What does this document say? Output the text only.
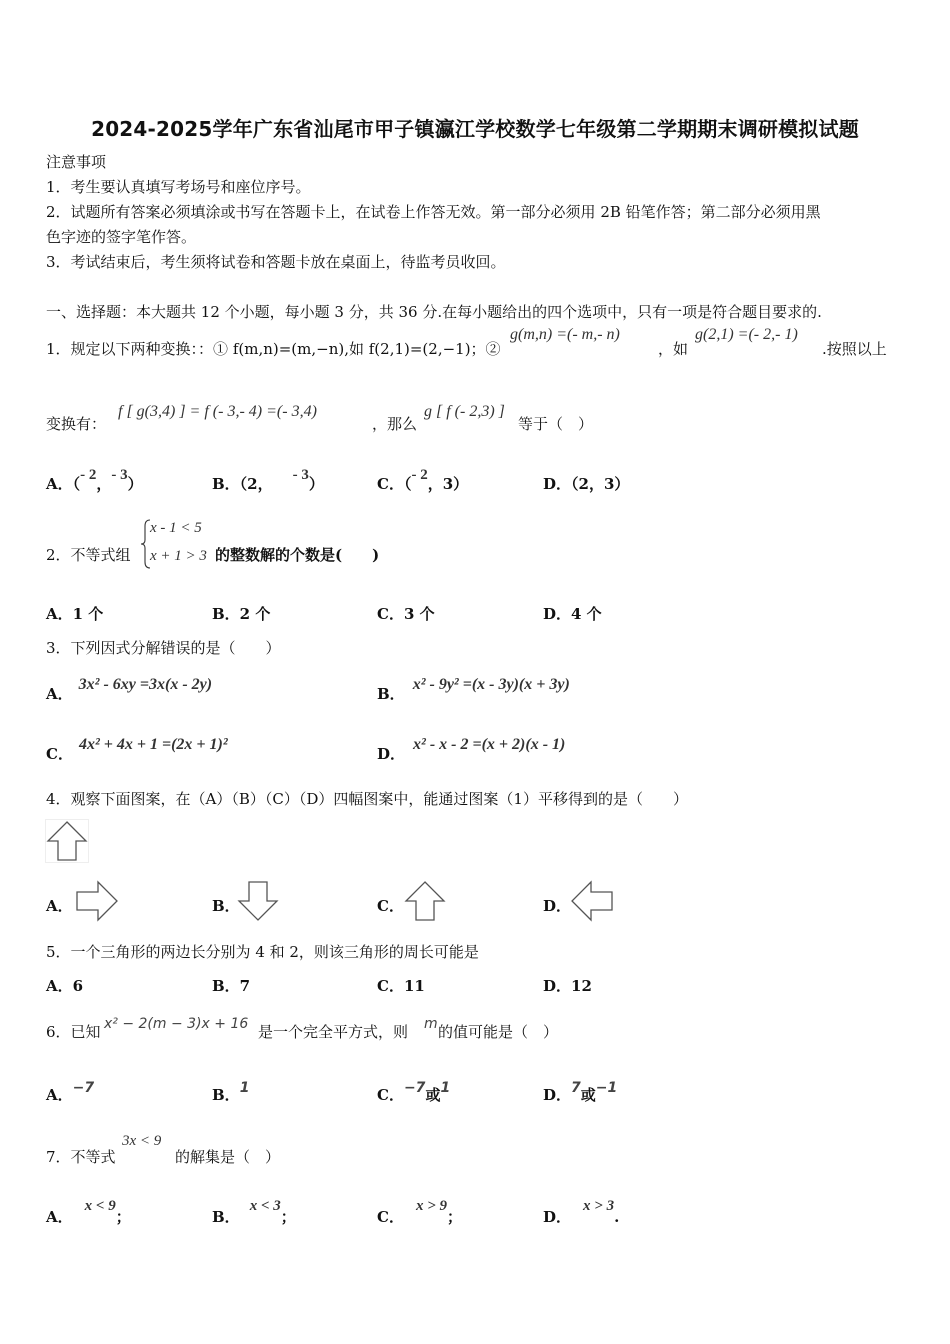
2024-2025学年广东省汕尾市甲子镇瀛江学校数学七年级第二学期期末调研模拟试题
注意事项
1．考生要认真填写考场号和座位序号。
2．试题所有答案必须填涂或书写在答题卡上，在试卷上作答无效。第一部分必须用 2B 铅笔作答；第二部分必须用黑
色字迹的签字笔作答。
3．考试结束后，考生须将试卷和答题卡放在桌面上，待监考员收回。
一、选择题：本大题共 12 个小题，每小题 3 分，共 36 分.在每小题给出的四个选项中，只有一项是符合题目要求的.
1．规定以下两种变换：：① f(m,n)=(m,−n),如 f(2,1)=(2,−1)；②
g(m,n) =(- m,- n)
，如
g(2,1) =(- 2,- 1)
.按照以上
变换有：
f [ g(3,4) ] = f (- 3,- 4) =(- 3,4)
，那么
g [ f (- 2,3) ]
等于（　）
A．（- 2，- 3）	B．（2， - 3）	C．（- 2，3）	D．（2，3）
2．不等式组
x - 1 < 5
x + 1 > 3 的整数解的个数是(　　)
A．1 个	B．2 个	C．3 个	D．4 个
3．下列因式分解错误的是（　　）
A．3x² - 6xy =3x(x - 2y)
B．x² - 9y² =(x - 3y)(x + 3y)
C．4x² + 4x + 1 =(2x + 1)²
D．x² - x - 2 =(x + 2)(x - 1)
4．观察下面图案，在（A）（B）（C）（D）四幅图案中，能通过图案（1）平移得到的是（　　）
A．	B．	C．	D．
5．一个三角形的两边长分别为 4 和 2，则该三角形的周长可能是
A．6	B．7	C．11	D．12
6．已知 x² − 2(m − 3)x + 16 是一个完全平方式，则 m 的值可能是（　）
A．−7	B．1	C．−7或1	D．7或−1
7．不等式
3x < 9
的解集是（　）
A．x < 9；	B．x < 3；	C．x > 9；	D．x > 3.
